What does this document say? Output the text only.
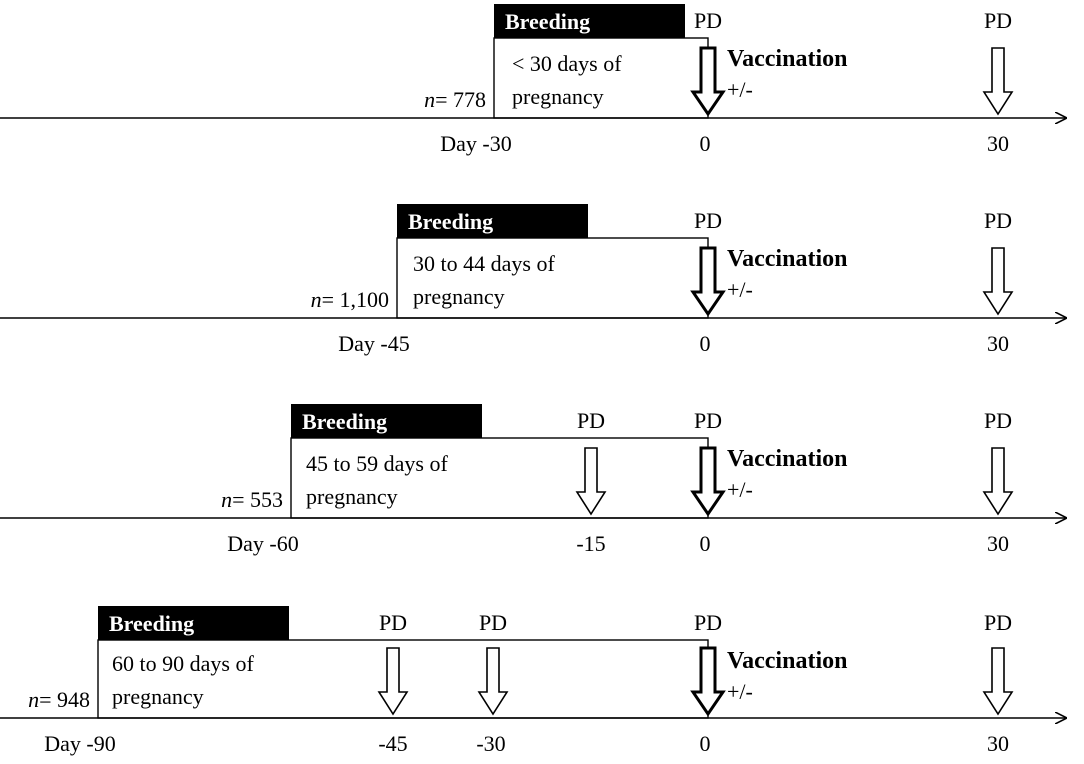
Breeding
< 30 days of
pregnancy
n= 778
Day -30
PD
0
Vaccination
+/-
PD
30
Breeding
30 to 44 days of
pregnancy
n= 1,100
Day -45
PD
0
Vaccination
+/-
PD
30
Breeding
45 to 59 days of
pregnancy
n= 553
Day -60
PD
-15
PD
0
Vaccination
+/-
PD
30
Breeding
60 to 90 days of
pregnancy
n= 948
Day -90
PD
-45
PD
-30
PD
0
Vaccination
+/-
PD
30
